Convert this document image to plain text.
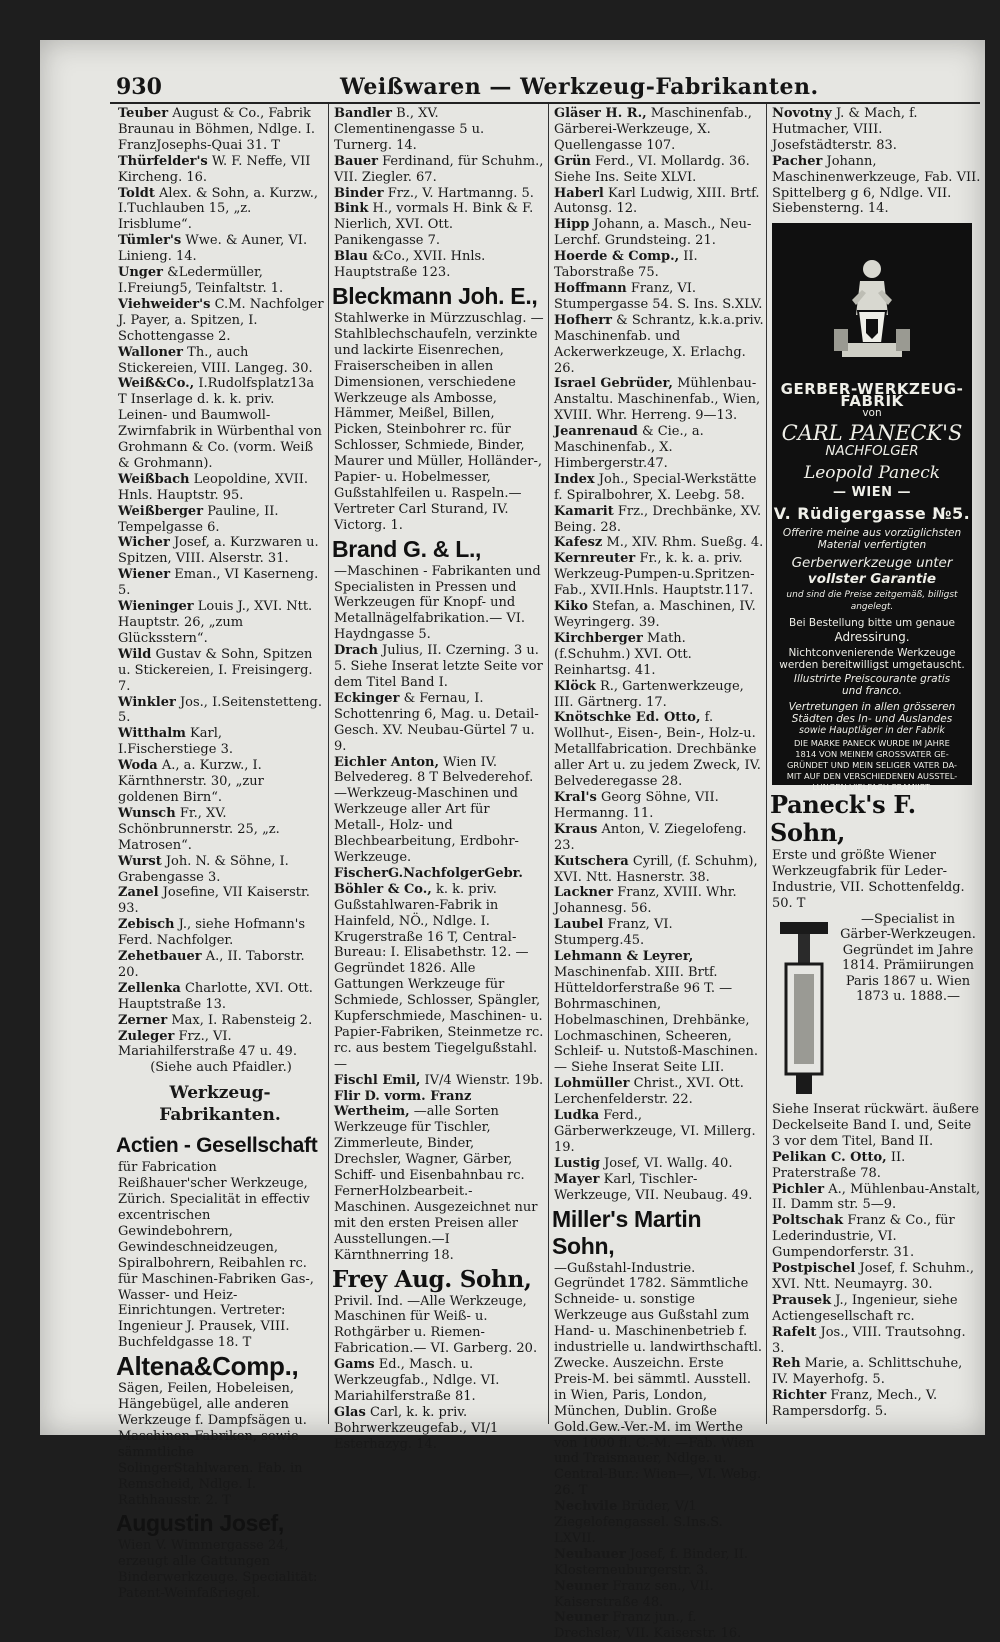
930	Weißwaren — Werkzeug-Fabrikanten.

Teuber August & Co., Fabrik Braunau in Böhmen, Ndlge. I. FranzJosephs-Quai 31. T

Thürfelder's W. F. Neffe, VII Kircheng. 16.

Toldt Alex. & Sohn, a. Kurzw., I.Tuchlauben 15, „z. Irisblume“.

Tümler's Wwe. & Auner, VI. Linieng. 14.

Unger &Ledermüller, I.Freiung5, Teinfaltstr. 1.

Viehweider's C.M. Nachfolger J. Payer, a. Spitzen, I. Schottengasse 2.

Walloner Th., auch Stickereien, VIII. Langeg. 30.

Weiß&Co., I.Rudolfsplatz13a T Inserlage d. k. k. priv. Leinen- und Baumwoll-Zwirnfabrik in Würbenthal von Grohmann & Co. (vorm. Weiß & Grohmann).

Weißbach Leopoldine, XVII. Hnls. Hauptstr. 95.

Weißberger Pauline, II. Tempelgasse 6.

Wicher Josef, a. Kurzwaren u. Spitzen, VIII. Alserstr. 31.

Wiener Eman., VI Kaserneng. 5.

Wieninger Louis J., XVI. Ntt. Hauptstr. 26, „zum Glücksstern“.

Wild Gustav & Sohn, Spitzen u. Stickereien, I. Freisingerg. 7.

Winkler Jos., I.Seitenstetteng. 5.

Witthalm Karl, I.Fischerstiege 3.

Woda A., a. Kurzw., I. Kärnthnerstr. 30, „zur goldenen Birn“.

Wunsch Fr., XV. Schönbrunnerstr. 25, „z. Matrosen“.

Wurst Joh. N. & Söhne, I. Grabengasse 3.

Zanel Josefine, VII Kaiserstr. 93.

Zebisch J., siehe Hofmann's Ferd. Nachfolger.

Zehetbauer A., II. Taborstr. 20.

Zellenka Charlotte, XVI. Ott. Hauptstraße 13.

Zerner Max, I. Rabensteig 2.

Zuleger Frz., VI. Mariahilferstraße 47 u. 49.

(Siehe auch Pfaidler.)

Werkzeug-Fabrikanten.
Actien - Gesellschaft

für Fabrication Reißhauer'scher Werkzeuge, Zürich. Specialität in effectiv excentrischen Gewindebohrern, Gewindeschneidzeugen, Spiralbohrern, Reibahlen rc. für Maschinen-Fabriken Gas-, Wasser- und Heiz-Einrichtungen. Vertreter: Ingenieur J. Prausek, VIII. Buchfeldgasse 18. T

Altena&Comp.,

Sägen, Feilen, Hobeleisen, Hängebügel, alle anderen Werkzeuge f. Dampfsägen u. Maschinen-Fabriken, sowie sämmtliche SolingerStahlwaren. Fab. in Remscheid, Ndlge. I. Rathhausstr. 2. T

Augustin Josef,

Wien V. Wimmergasse 24, erzeugt alle Gattungen Binderwerkzeuge. Specialität: Patent-Weinfaßriegel.

Bandler B., XV. Clementinengasse 5 u. Turnerg. 14.

Bauer Ferdinand, für Schuhm., VII. Ziegler. 67.

Binder Frz., V. Hartmanng. 5.

Bink H., vormals H. Bink & F. Nierlich, XVI. Ott. Panikengasse 7.

Blau &Co., XVII. Hnls. Hauptstraße 123.

Bleckmann Joh. E.,

Stahlwerke in Mürzzuschlag. —Stahlblechschaufeln, verzinkte und lackirte Eisenrechen, Fraiserscheiben in allen Dimensionen, verschiedene Werkzeuge als Ambosse, Hämmer, Meißel, Billen, Picken, Steinbohrer rc. für Schlosser, Schmiede, Binder, Maurer und Müller, Holländer-, Papier- u. Hobelmesser, Gußstahlfeilen u. Raspeln.— Vertreter Carl Sturand, IV. Victorg. 1.

Brand G. & L.,

—Maschinen - Fabrikanten und Specialisten in Pressen und Werkzeugen für Knopf- und Metallnägelfabrikation.— VI. Haydngasse 5.

Drach Julius, II. Czerning. 3 u. 5. Siehe Inserat letzte Seite vor dem Titel Band I.

Eckinger & Fernau, I. Schottenring 6, Mag. u. Detail-Gesch. XV. Neubau-Gürtel 7 u. 9.

Eichler Anton, Wien IV. Belvedereg. 8 T Belvederehof. —Werkzeug-Maschinen und Werkzeuge aller Art für Metall-, Holz- und Blechbearbeitung, Erdbohr-Werkzeuge.

FischerG.NachfolgerGebr. Böhler & Co., k. k. priv. Gußstahlwaren-Fabrik in Hainfeld, NÖ., Ndlge. I. Krugerstraße 16 T, Central-Bureau: I. Elisabethstr. 12. —Gegründet 1826. Alle Gattungen Werkzeuge für Schmiede, Schlosser, Spängler, Kupferschmiede, Maschinen- u. Papier-Fabriken, Steinmetze rc. rc. aus bestem Tiegelgußstahl.—

Fischl Emil, IV/4 Wienstr. 19b.

Flir D. vorm. Franz Wertheim, —alle Sorten Werkzeuge für Tischler, Zimmerleute, Binder, Drechsler, Wagner, Gärber, Schiff- und Eisenbahnbau rc. FernerHolzbearbeit.-Maschinen. Ausgezeichnet nur mit den ersten Preisen aller Ausstellungen.—I Kärnthnerring 18.

Frey Aug. Sohn,

Privil. Ind. —Alle Werkzeuge, Maschinen für Weiß- u. Rothgärber u. Riemen-Fabrication.— VI. Garberg. 20.

Gams Ed., Masch. u. Werkzeugfab., Ndlge. VI. Mariahilferstraße 81.

Glas Carl, k. k. priv. Bohrwerkzeugefab., VI/1 Esterhazyg. 14.

Gläser H. R., Maschinenfab., Gärberei-Werkzeuge, X. Quellengasse 107.

Grün Ferd., VI. Mollardg. 36. Siehe Ins. Seite XLVI.

Haberl Karl Ludwig, XIII. Brtf. Autonsg. 12.

Hipp Johann, a. Masch., Neu-Lerchf. Grundsteing. 21.

Hoerde & Comp., II. Taborstraße 75.

Hoffmann Franz, VI. Stumpergasse 54. S. Ins. S.XLV.

Hofherr & Schrantz, k.k.a.priv. Maschinenfab. und Ackerwerkzeuge, X. Erlachg. 26.

Israel Gebrüder, Mühlenbau-Anstaltu. Maschinenfab., Wien, XVIII. Whr. Herreng. 9—13.

Jeanrenaud & Cie., a. Maschinenfab., X. Himbergerstr.47.

Index Joh., Special-Werkstätte f. Spiralbohrer, X. Leebg. 58.

Kamarit Frz., Drechbänke, XV. Being. 28.

Kafesz M., XIV. Rhm. Sueßg. 4.

Kernreuter Fr., k. k. a. priv. Werkzeug-Pumpen-u.Spritzen-Fab., XVII.Hnls. Hauptstr.117.

Kiko Stefan, a. Maschinen, IV. Weyringerg. 39.

Kirchberger Math. (f.Schuhm.) XVI. Ott. Reinhartsg. 41.

Klöck R., Gartenwerkzeuge, III. Gärtnerg. 17.

Knötschke Ed. Otto, f. Wollhut-, Eisen-, Bein-, Holz-u. Metallfabrication. Drechbänke aller Art u. zu jedem Zweck, IV. Belvederegasse 28.

Kral's Georg Söhne, VII. Hermanng. 11.

Kraus Anton, V. Ziegelofeng. 23.

Kutschera Cyrill, (f. Schuhm), XVI. Ntt. Hasnerstr. 38.

Lackner Franz, XVIII. Whr. Johannesg. 56.

Laubel Franz, VI. Stumperg.45.

Lehmann & Leyrer, Maschinenfab. XIII. Brtf. Hütteldorferstraße 96 T. —Bohrmaschinen, Hobelmaschinen, Drehbänke, Lochmaschinen, Scheeren, Schleif- u. Nutstoß-Maschinen.— Siehe Inserat Seite LII.

Lohmüller Christ., XVI. Ott. Lerchenfelderstr. 22.

Ludka Ferd., Gärberwerkzeuge, VI. Millerg. 19.

Lustig Josef, VI. Wallg. 40.

Mayer Karl, Tischler-Werkzeuge, VII. Neubaug. 49.

Miller's Martin Sohn,

—Gußstahl-Industrie. Gegründet 1782. Sämmtliche Schneide- u. sonstige Werkzeuge aus Gußstahl zum Hand- u. Maschinenbetrieb f. industrielle u. landwirthschaftl. Zwecke. Auszeichn. Erste Preis-M. bei sämmtl. Ausstell. in Wien, Paris, London, München, Dublin. Große Gold.Gew.-Ver.-M. im Werthe von 1000 fl. C.-M. —Fab. Wien und Traismauer, Ndlge. u. Central-Bur.: Wien—, VI. Webg. 26. T

Nechvile Brüder, V/1 Ziegelofengassel. S.Ins.S. LXVII.

Neubauer Josef, f. Binder, II. Klosterneuburgerstr. 3.

Neuner Franz sen., VII. Kaiserstraße 48.

Neuner Franz jun., f. Drechsler, VII. Kaiserstr. 16.

Novotny J. & Mach, f. Hutmacher, VIII. Josefstädterstr. 83.

Pacher Johann, Maschinenwerkzeuge, Fab. VII. Spittelberg g 6, Ndlge. VII. Siebensterng. 14.

GERBER-WERKZEUG-FABRIK
von
CARL PANECK'S
NACHFOLGER
Leopold Paneck
— WIEN —
V. Rüdigergasse №5.
Offerire meine aus vorzüglichsten
Material verfertigten
Gerberwerkzeuge unter
vollster Garantie
und sind die Preise zeitgemäß, billigst
angelegt.
Bei Bestellung bitte um genaue
Adressirung.
Nichtconvenierende Werkzeuge
werden bereitwilligst umgetauscht.
Illustrirte Preiscourante gratis
und franco.
Vertretungen in allen grösseren
Städten des In- und Auslandes
sowie Hauptläger in der Fabrik
DIE MARKE PANECK WURDE IM JAHRE
1814 VON MEINEM GROSSVATER GE-
GRÜNDET UND MEIN SELIGER VATER DA-
MIT AUF DEN VERSCHIEDENEN AUSSTEL-
LUNGEN VIELFACH PRAMIIRT.
Paneck's F. Sohn,

Erste und größte Wiener Werkzeugfabrik für Leder-Industrie, VII. Schottenfeldg. 50. T

—Specialist in Gärber-Werkzeugen. Gegründet im Jahre 1814. Prämiirungen Paris 1867 u. Wien 1873 u. 1888.—

Siehe Inserat rückwärt. äußere Deckelseite Band I. und, Seite 3 vor dem Titel, Band II.

Pelikan C. Otto, II. Praterstraße 78.

Pichler A., Mühlenbau-Anstalt, II. Damm str. 5—9.

Poltschak Franz & Co., für Lederindustrie, VI. Gumpendorferstr. 31.

Postpischel Josef, f. Schuhm., XVI. Ntt. Neumayrg. 30.

Prausek J., Ingenieur, siehe Actiengesellschaft rc.

Rafelt Jos., VIII. Trautsohng. 3.

Reh Marie, a. Schlittschuhe, IV. Mayerhofg. 5.

Richter Franz, Mech., V. Rampersdorfg. 5.
